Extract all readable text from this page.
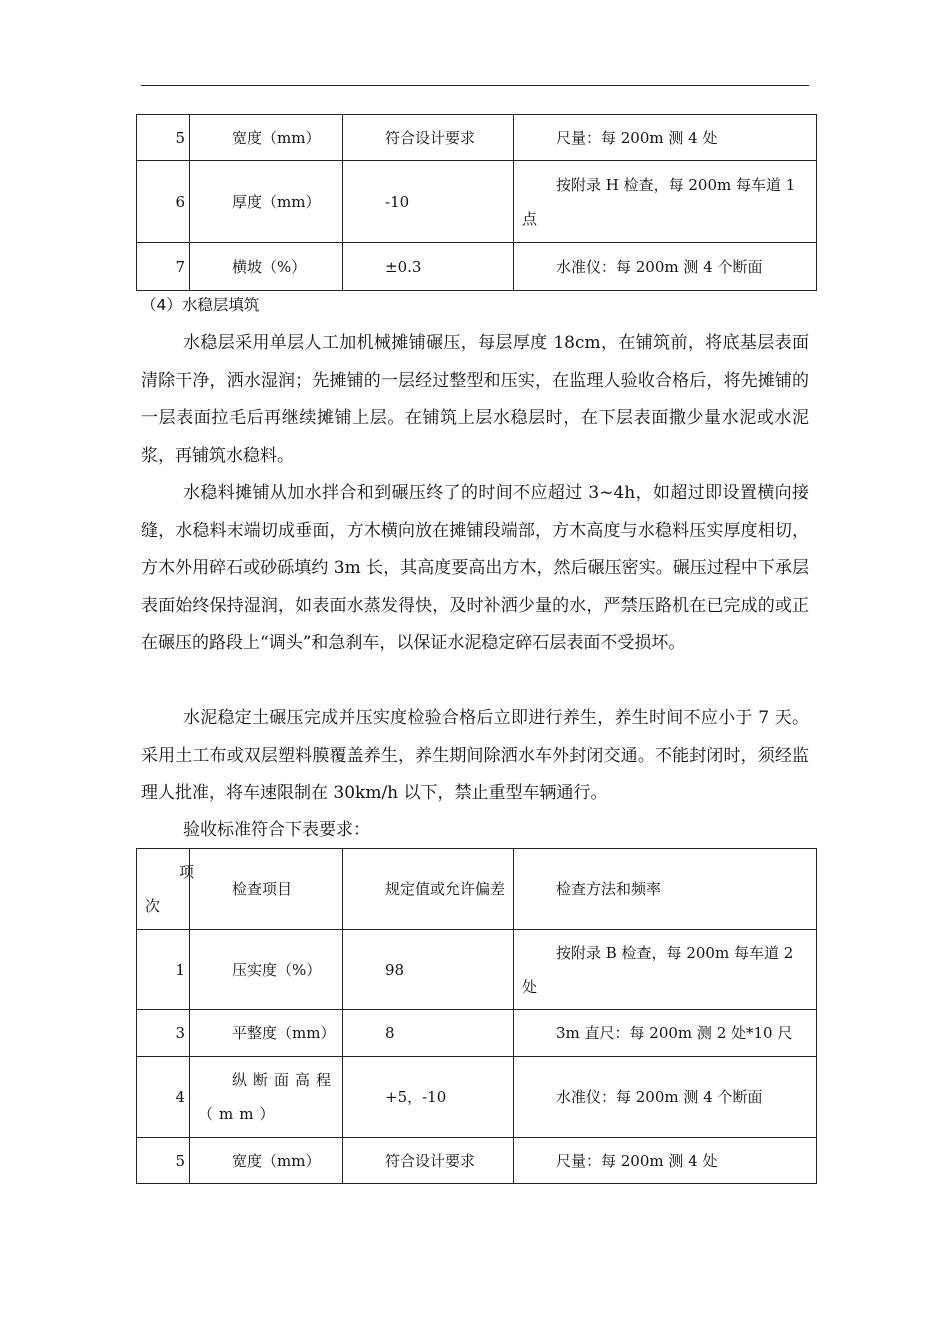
5	宽度（mm）	符合设计要求	尺量：每 200m 测 4 处
6	厚度（mm）	-10	按附录 H 检查，每 200m 每车道 1 点
7	横坡（%）	±0.3	水准仪：每 200m 测 4 个断面
（4）水稳层填筑

水稳层采用单层人工加机械摊铺碾压，每层厚度 18cm，在铺筑前，将底基层表面清除干净，洒水湿润；先摊铺的一层经过整型和压实，在监理人验收合格后，将先摊铺的一层表面拉毛后再继续摊铺上层。在铺筑上层水稳层时，在下层表面撒少量水泥或水泥浆，再铺筑水稳料。

水稳料摊铺从加水拌合和到碾压终了的时间不应超过 3~4h，如超过即设置横向接缝，水稳料末端切成垂面，方木横向放在摊铺段端部，方木高度与水稳料压实厚度相切，方木外用碎石或砂砾填约 3m 长，其高度要高出方木，然后碾压密实。碾压过程中下承层表面始终保持湿润，如表面水蒸发得快，及时补洒少量的水，严禁压路机在已完成的或正在碾压的路段上“调头”和急刹车，以保证水泥稳定碎石层表面不受损坏。

水泥稳定土碾压完成并压实度检验合格后立即进行养生，养生时间不应小于 7 天。采用土工布或双层塑料膜覆盖养生，养生期间除洒水车外封闭交通。不能封闭时，须经监理人批准，将车速限制在 30km/h 以下，禁止重型车辆通行。

验收标准符合下表要求：

项
次	检查项目	规定值或允许偏差	检查方法和频率
1	压实度（%）	98	按附录 B 检查，每 200m 每车道 2 处
3	平整度（mm）	8	3m 直尺：每 200m 测 2 处*10 尺
4	纵断面高程（mm）	+5，-10	水准仪：每 200m 测 4 个断面
5	宽度（mm）	符合设计要求	尺量：每 200m 测 4 处
